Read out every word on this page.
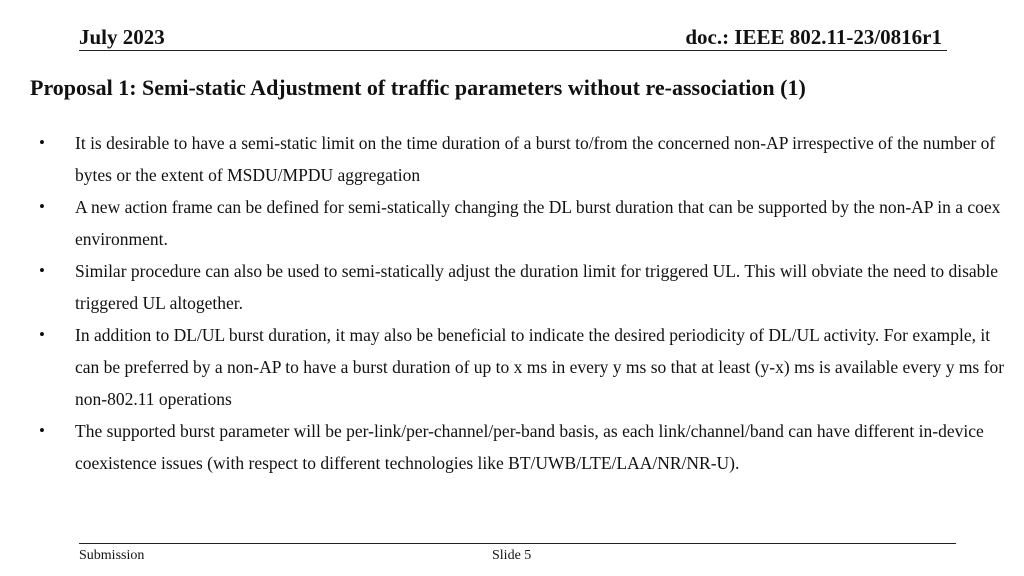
July 2023	doc.: IEEE 802.11-23/0816r1
Proposal 1: Semi-static Adjustment of traffic parameters without re-association (1)
• It is desirable to have a semi-static limit on the time duration of a burst to/from the concerned non-AP irrespective of the number of bytes or the extent of MSDU/MPDU aggregation
• A new action frame can be defined for semi-statically changing the DL burst duration that can be supported by the non-AP in a coex environment.
• Similar procedure can also be used to semi-statically adjust the duration limit for triggered UL. This will obviate the need to disable triggered UL altogether.
• In addition to DL/UL burst duration, it may also be beneficial to indicate the desired periodicity of DL/UL activity. For example, it can be preferred by a non-AP to have a burst duration of up to x ms in every y ms so that at least (y-x) ms is available every y ms for non-802.11 operations
• The supported burst parameter will be per-link/per-channel/per-band basis, as each link/channel/band can have different in-device coexistence issues (with respect to different technologies like BT/UWB/LTE/LAA/NR/NR-U).
Submission	Slide 5
